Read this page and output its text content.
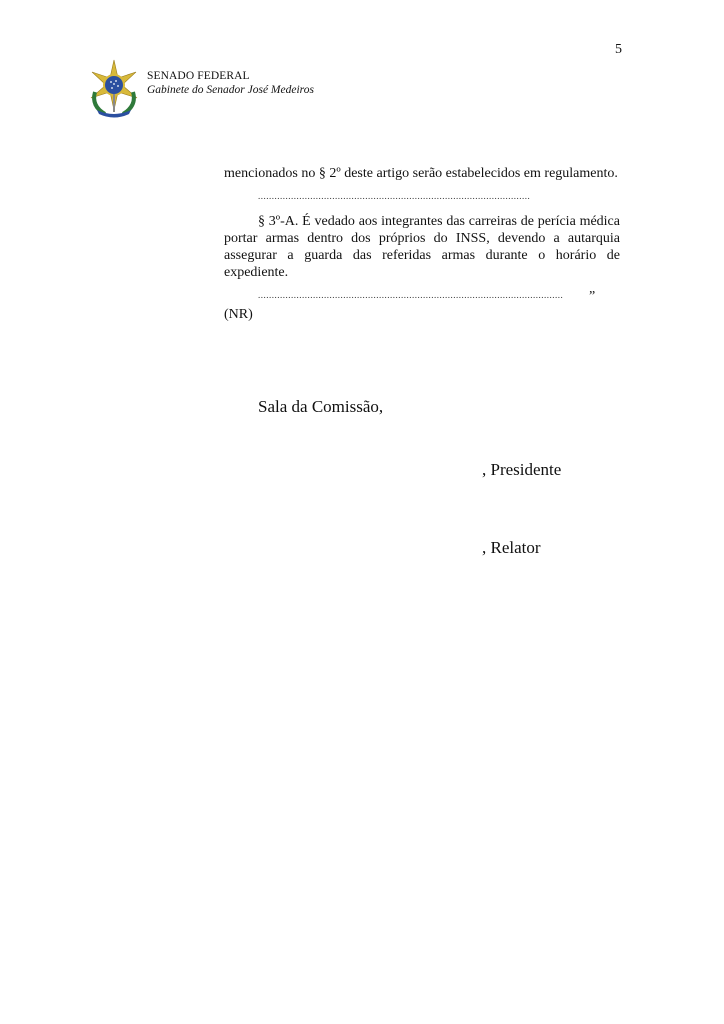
5
SENADO FEDERAL
Gabinete do Senador José Medeiros

mencionados no § 2º deste artigo serão estabelecidos em regulamento.

...................................................................................................

§ 3º-A. É vedado aos integrantes das carreiras de perícia médica portar armas dentro dos próprios do INSS, devendo a autarquia assegurar a guarda das referidas armas durante o horário de expediente.

...............................................................................................................	”

(NR)

Sala da Comissão,
, Presidente
, Relator
